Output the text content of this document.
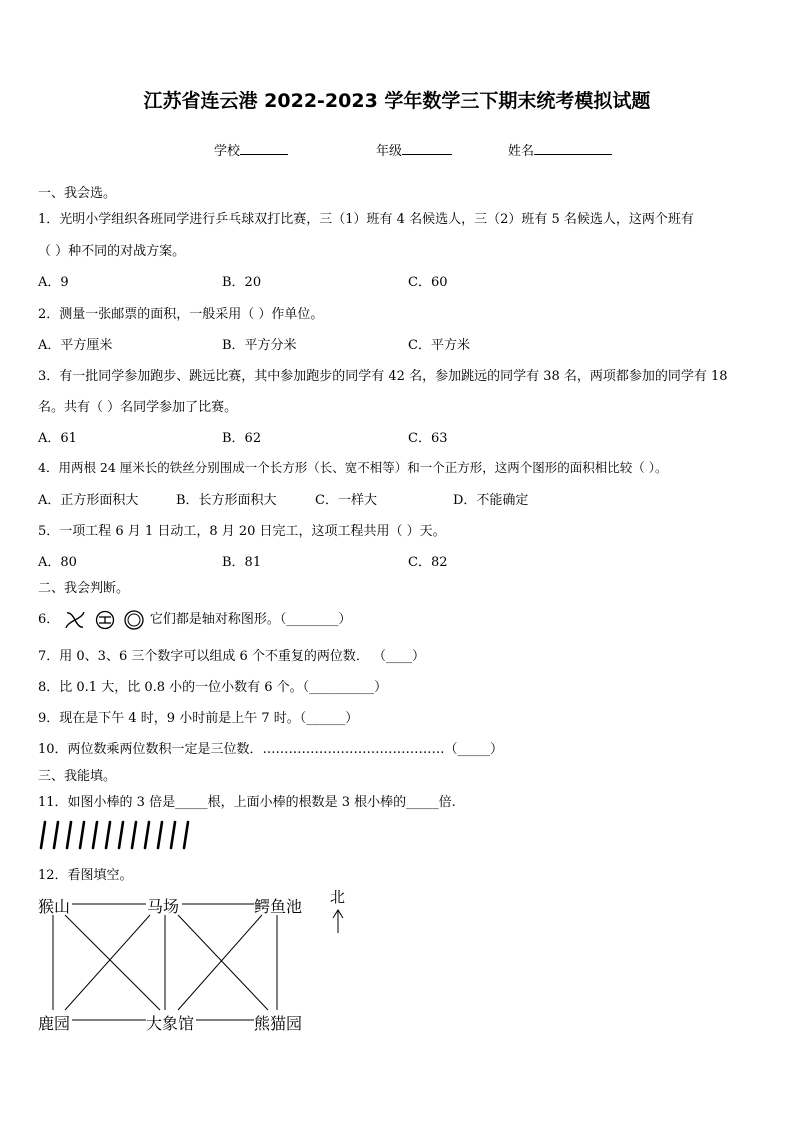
江苏省连云港 2022-2023 学年数学三下期末统考模拟试题
学校	年级	姓名
一、我会选。
1．光明小学组织各班同学进行乒乓球双打比赛，三（1）班有 4 名候选人，三（2）班有 5 名候选人，这两个班有
（ ）种不同的对战方案。
A．9	B．20	C．60
2．测量一张邮票的面积，一般采用（ ）作单位。
A．平方厘米	B．平方分米	C．平方米
3．有一批同学参加跑步、跳远比赛，其中参加跑步的同学有 42 名，参加跳远的同学有 38 名，两项都参加的同学有 18
名。共有（ ）名同学参加了比赛。
A．61	B．62	C．63
4．用两根 24 厘米长的铁丝分别围成一个长方形（长、宽不相等）和一个正方形，这两个图形的面积相比较（ ）。
A．正方形面积大	B．长方形面积大	C．一样大	D．不能确定
5．一项工程 6 月 1 日动工，8 月 20 日完工，这项工程共用（ ）天。
A．80	B．81	C．82
二、我会判断。
6．	它们都是轴对称图形。（________）
7．用 0、3、6 三个数字可以组成 6 个不重复的两位数． （____）
8．比 0.1 大，比 0.8 小的一位小数有 6 个。（__________）
9．现在是下午 4 时，9 小时前是上午 7 时。（______）
10．两位数乘两位数积一定是三位数．……………………………………（_____）
三、我能填。
11．如图小棒的 3 倍是_____根，上面小棒的根数是 3 根小棒的_____倍.
12．看图填空。
猴山	马场	鳄鱼池
鹿园	大象馆	熊猫园
北
